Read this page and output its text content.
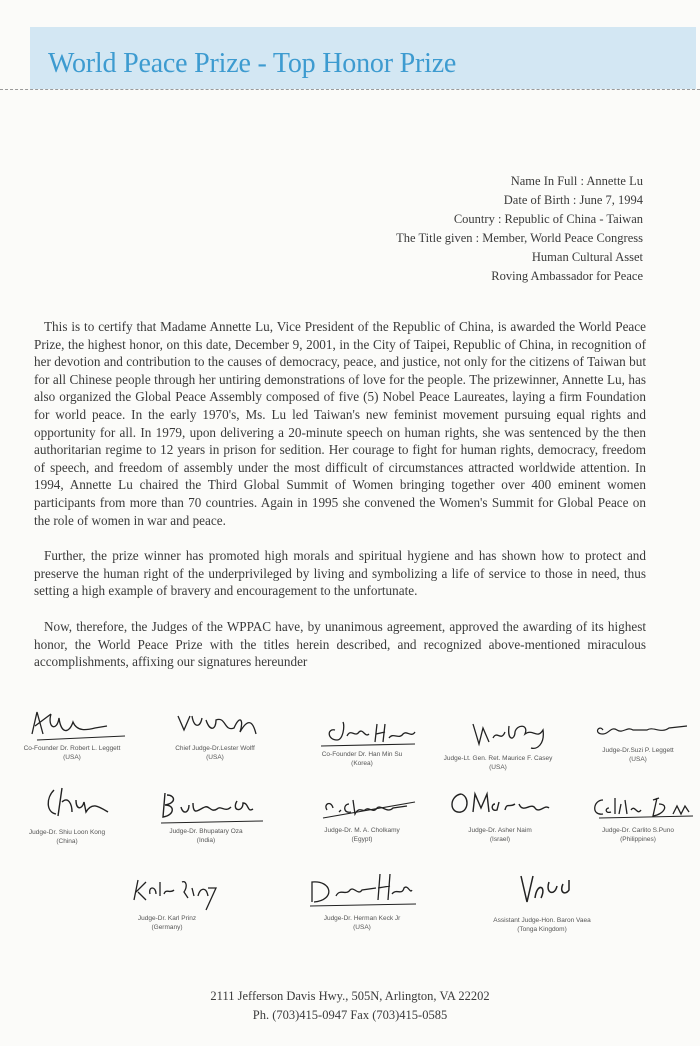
World Peace Prize - Top Honor Prize
Name In Full : Annette Lu
Date of Birth : June 7, 1994
Country : Republic of China - Taiwan
The Title given : Member, World Peace Congress
Human Cultural Asset
Roving Ambassador for Peace

This is to certify that Madame Annette Lu, Vice President of the Republic of China, is awarded the World Peace Prize, the highest honor, on this date, December 9, 2001, in the City of Taipei, Republic of China, in recognition of her devotion and contribution to the causes of democracy, peace, and justice, not only for the citizens of Taiwan but for all Chinese people through her untiring demonstrations of love for the people. The prizewinner, Annette Lu, has also organized the Global Peace Assembly composed of five (5) Nobel Peace Laureates, laying a firm Foundation for world peace. In the early 1970's, Ms. Lu led Taiwan's new feminist movement pursuing equal rights and opportunity for all. In 1979, upon delivering a 20-minute speech on human rights, she was sentenced by the then authoritarian regime to 12 years in prison for sedition. Her courage to fight for human rights, democracy, freedom of speech, and freedom of assembly under the most difficult of circumstances attracted worldwide attention. In 1994, Annette Lu chaired the Third Global Summit of Women bringing together over 400 eminent women participants from more than 70 countries. Again in 1995 she convened the Women's Summit for Global Peace on the role of women in war and peace.

Further, the prize winner has promoted high morals and spiritual hygiene and has shown how to protect and preserve the human right of the underprivileged by living and symbolizing a life of service to those in need, thus setting a high example of bravery and encouragement to the unfortunate.

Now, therefore, the Judges of the WPPAC have, by unanimous agreement, approved the awarding of its highest honor, the World Peace Prize with the titles herein described, and recognized above-mentioned miraculous accomplishments, affixing our signatures hereunder

Co-Founder Dr. Robert L. Leggett
(USA)
Chief Judge-Dr.Lester Wolff
(USA)	Co-Founder Dr. Han Min Su
(Korea)
Judge-Lt. Gen. Ret. Maurice F. Casey
(USA)
Judge-Dr.Suzi P. Leggett
(USA)
Judge-Dr. Shiu Loon Kong
(China)
Judge-Dr. Bhupatary Oza
(India)
Judge-Dr. M. A. Cholkamy
(Egypt)
Judge-Dr. Asher Naim
(Israel)
Judge-Dr. Carlito S.Puno
(Philippines)
Judge-Dr. Karl Prinz
(Germany)
Judge-Dr. Herman Keck Jr
(USA)
Assistant Judge-Hon. Baron Vaea
(Tonga Kingdom)
2111 Jefferson Davis Hwy., 505N, Arlington, VA 22202
Ph. (703)415-0947 Fax (703)415-0585
